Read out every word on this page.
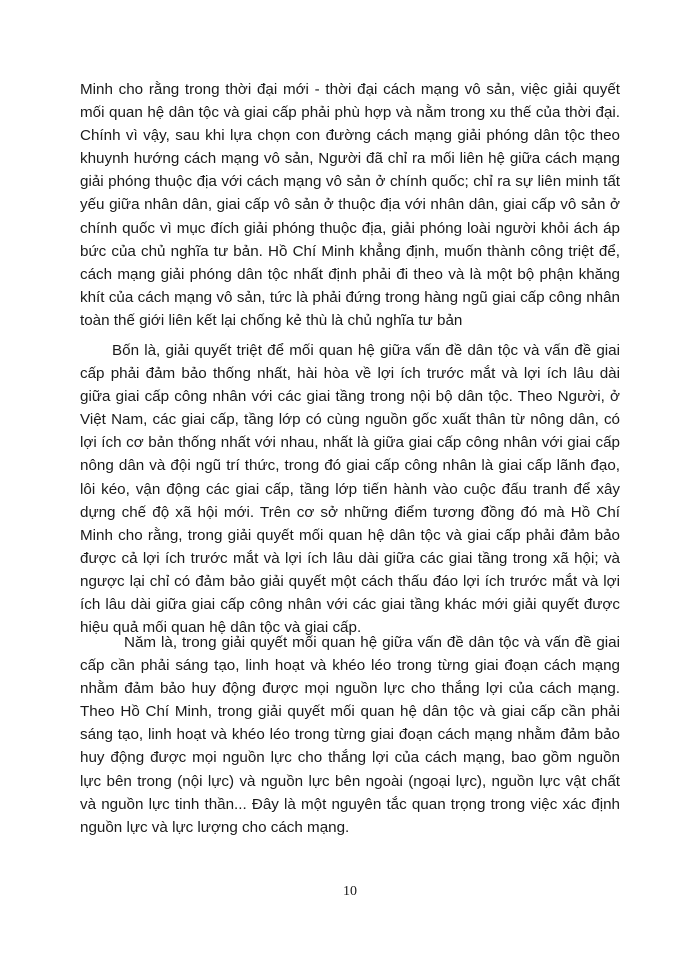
Minh cho rằng trong thời đại mới - thời đại cách mạng vô sản, việc giải quyết mối quan hệ dân tộc và giai cấp phải phù hợp và nằm trong xu thế của thời đại. Chính vì vậy, sau khi lựa chọn con đường cách mạng giải phóng dân tộc theo khuynh hướng cách mạng vô sản, Người đã chỉ ra mối liên hệ giữa cách mạng giải phóng thuộc địa với cách mạng vô sản ở chính quốc; chỉ ra sự liên minh tất yếu giữa nhân dân, giai cấp vô sản ở thuộc địa với nhân dân, giai cấp vô sản ở chính quốc vì mục đích giải phóng thuộc địa, giải phóng loài người khỏi ách áp bức của chủ nghĩa tư bản. Hồ Chí Minh khẳng định, muốn thành công triệt để, cách mạng giải phóng dân tộc nhất định phải đi theo và là một bộ phận khăng khít của cách mạng vô sản, tức là phải đứng trong hàng ngũ giai cấp công nhân toàn thế giới liên kết lại chống kẻ thù là chủ nghĩa tư bản

Bốn là, giải quyết triệt để mối quan hệ giữa vấn đề dân tộc và vấn đề giai cấp phải đảm bảo thống nhất, hài hòa về lợi ích trước mắt và lợi ích lâu dài giữa giai cấp công nhân với các giai tầng trong nội bộ dân tộc. Theo Người, ở Việt Nam, các giai cấp, tầng lớp có cùng nguồn gốc xuất thân từ nông dân, có lợi ích cơ bản thống nhất với nhau, nhất là giữa giai cấp công nhân với giai cấp nông dân và đội ngũ trí thức, trong đó giai cấp công nhân là giai cấp lãnh đạo, lôi kéo, vận động các giai cấp, tầng lớp tiến hành vào cuộc đấu tranh để xây dựng chế độ xã hội mới. Trên cơ sở những điểm tương đồng đó mà Hồ Chí Minh cho rằng, trong giải quyết mối quan hệ dân tộc và giai cấp phải đảm bảo được cả lợi ích trước mắt và lợi ích lâu dài giữa các giai tầng trong xã hội; và ngược lại chỉ có đảm bảo giải quyết một cách thấu đáo lợi ích trước mắt và lợi ích lâu dài giữa giai cấp công nhân với các giai tầng khác mới giải quyết được hiệu quả mối quan hệ dân tộc và giai cấp.

Năm là, trong giải quyết mối quan hệ giữa vấn đề dân tộc và vấn đề giai cấp cần phải sáng tạo, linh hoạt và khéo léo trong từng giai đoạn cách mạng nhằm đảm bảo huy động được mọi nguồn lực cho thắng lợi của cách mạng. Theo Hồ Chí Minh, trong giải quyết mối quan hệ dân tộc và giai cấp cần phải sáng tạo, linh hoạt và khéo léo trong từng giai đoạn cách mạng nhằm đảm bảo huy động được mọi nguồn lực cho thắng lợi của cách mạng, bao gồm nguồn lực bên trong (nội lực) và nguồn lực bên ngoài (ngoại lực), nguồn lực vật chất và nguồn lực tinh thần... Đây là một nguyên tắc quan trọng trong việc xác định nguồn lực và lực lượng cho cách mạng.

10
